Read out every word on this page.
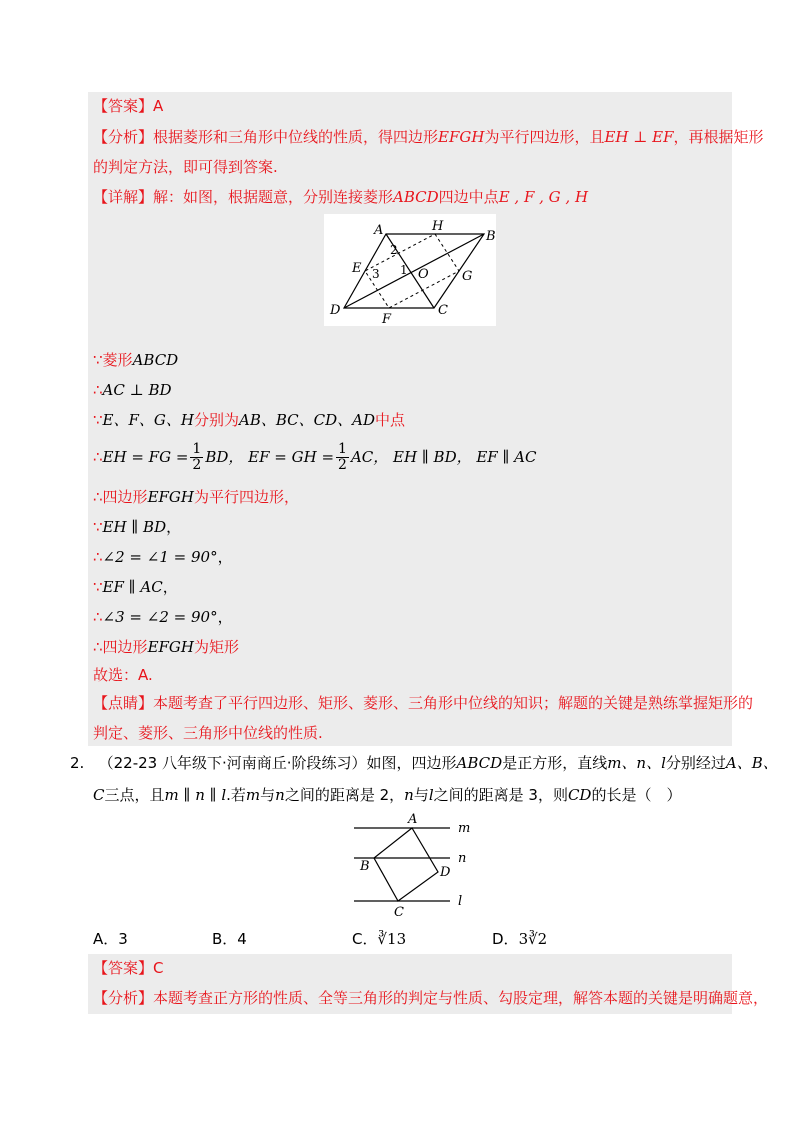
【答案】A
【分析】根据菱形和三角形中位线的性质，得四边形EFGH为平行四边形，且EH ⊥ EF，再根据矩形
的判定方法，即可得到答案.
【详解】解：如图，根据题意，分别连接菱形ABCD四边中点E , F , G , H
A	H
B
E	O	G
D
F
C
1
2
3
∵菱形ABCD
∴AC ⊥ BD
∵E、F、G、H分别为AB、BC、CD、AD中点
∴EH = FG = $\frac{1}{2}$ BD， EF = GH = $\frac{1}{2}$ AC， EH ∥ BD， EF ∥ AC
∴四边形EFGH为平行四边形，
∵EH ∥ BD，
∴∠2 = ∠1 = 90°，
∵EF ∥ AC，
∴∠3 = ∠2 = 90°，
∴四边形EFGH为矩形
故选：A.
【点睛】本题考查了平行四边形、矩形、菱形、三角形中位线的知识；解题的关键是熟练掌握矩形的
判定、菱形、三角形中位线的性质.
2. （22-23 八年级下·河南商丘·阶段练习）如图，四边形ABCD是正方形，直线m、n、l分别经过A、B、
C三点，且m ∥ n ∥ l.若m与n之间的距离是 2，n与l之间的距离是 3，则CD的长是（　）
A
m
B
n
D
C
l
A．3	B．4	C．∛13	D．3∛2
【答案】C
【分析】本题考查正方形的性质、全等三角形的判定与性质、勾股定理，解答本题的关键是明确题意，
